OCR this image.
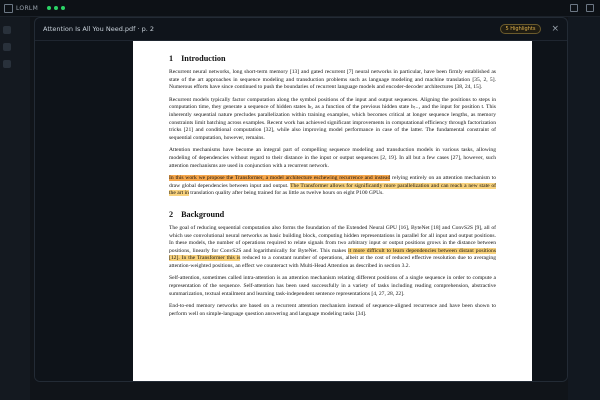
LORLM
Attention Is All You Need.pdf · p. 2	5 Highlights	×
1 Introduction

Recurrent neural networks, long short-term memory [13] and gated recurrent [7] neural networks in particular, have been firmly established as state of the art approaches in sequence modeling and transduction problems such as language modeling and machine translation [35, 2, 5]. Numerous efforts have since continued to push the boundaries of recurrent language models and encoder-decoder architectures [38, 24, 15].

Recurrent models typically factor computation along the symbol positions of the input and output sequences. Aligning the positions to steps in computation time, they generate a sequence of hidden states hₜ, as a function of the previous hidden state hₜ₋₁ and the input for position t. This inherently sequential nature precludes parallelization within training examples, which becomes critical at longer sequence lengths, as memory constraints limit batching across examples. Recent work has achieved significant improvements in computational efficiency through factorization tricks [21] and conditional computation [32], while also improving model performance in case of the latter. The fundamental constraint of sequential computation, however, remains.

Attention mechanisms have become an integral part of compelling sequence modeling and transduction models in various tasks, allowing modeling of dependencies without regard to their distance in the input or output sequences [2, 19]. In all but a few cases [27], however, such attention mechanisms are used in conjunction with a recurrent network.

In this work we propose the Transformer, a model architecture eschewing recurrence and instead relying entirely on an attention mechanism to draw global dependencies between input and output. The Transformer allows for significantly more parallelization and can reach a new state of the art in translation quality after being trained for as little as twelve hours on eight P100 GPUs.

2 Background

The goal of reducing sequential computation also forms the foundation of the Extended Neural GPU [16], ByteNet [18] and ConvS2S [9], all of which use convolutional neural networks as basic building block, computing hidden representations in parallel for all input and output positions. In these models, the number of operations required to relate signals from two arbitrary input or output positions grows in the distance between positions, linearly for ConvS2S and logarithmically for ByteNet. This makes it more difficult to learn dependencies between distant positions [12]. In the Transformer this is reduced to a constant number of operations, albeit at the cost of reduced effective resolution due to averaging attention-weighted positions, an effect we counteract with Multi-Head Attention as described in section 3.2.

Self-attention, sometimes called intra-attention is an attention mechanism relating different positions of a single sequence in order to compute a representation of the sequence. Self-attention has been used successfully in a variety of tasks including reading comprehension, abstractive summarization, textual entailment and learning task-independent sentence representations [4, 27, 28, 22].

End-to-end memory networks are based on a recurrent attention mechanism instead of sequence-aligned recurrence and have been shown to perform well on simple-language question answering and language modeling tasks [34].
